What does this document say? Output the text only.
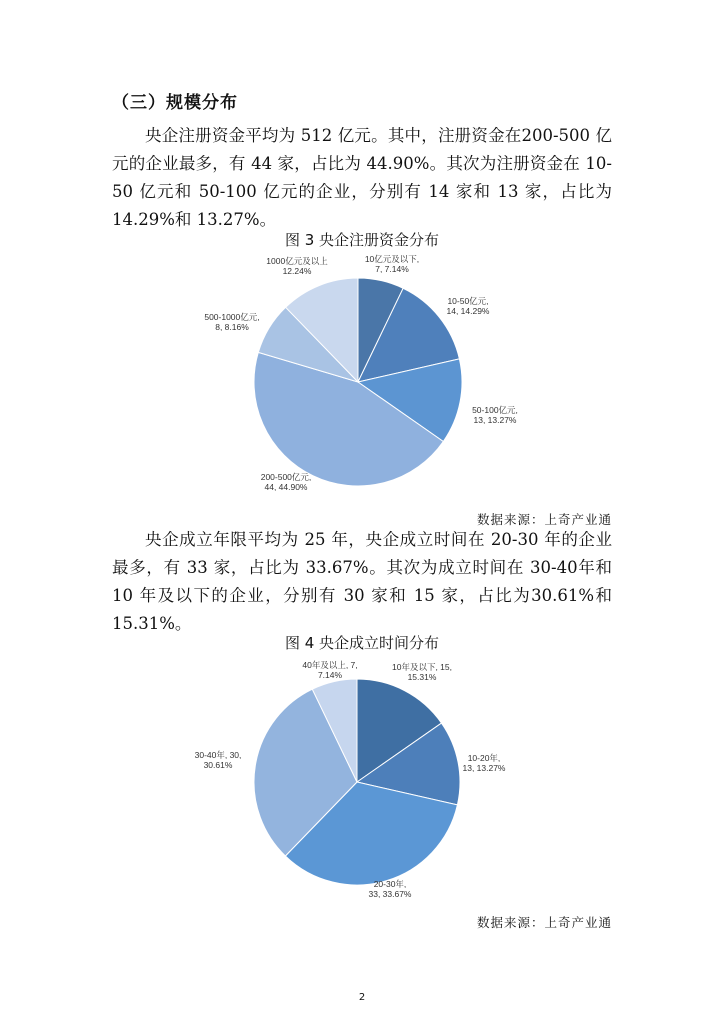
（三）规模分布

央企注册资金平均为 512 亿元。其中，注册资金在200-500 亿元的企业最多，有 44 家，占比为 44.90%。其次为注册资金在 10-50 亿元和 50-100 亿元的企业，分别有 14 家和 13 家，占比为 14.29%和 13.27%。

图 3 央企注册资金分布
10亿元及以下, 7, 7.14%
10-50亿元, 14, 14.29%
50-100亿元, 13, 13.27%
200-500亿元, 44, 44.90%
500-1000亿元, 8, 8.16%
1000亿元及以上 12.24%
数据来源：上奇产业通

央企成立年限平均为 25 年，央企成立时间在 20-30 年的企业最多，有 33 家，占比为 33.67%。其次为成立时间在 30-40年和 10 年及以下的企业，分别有 30 家和 15 家，占比为30.61%和 15.31%。

图 4 央企成立时间分布
10年及以下, 15, 15.31%
10-20年, 13, 13.27%
20-30年, 33, 33.67%
30-40年, 30, 30.61%
40年及以上, 7, 7.14%
数据来源：上奇产业通
2
